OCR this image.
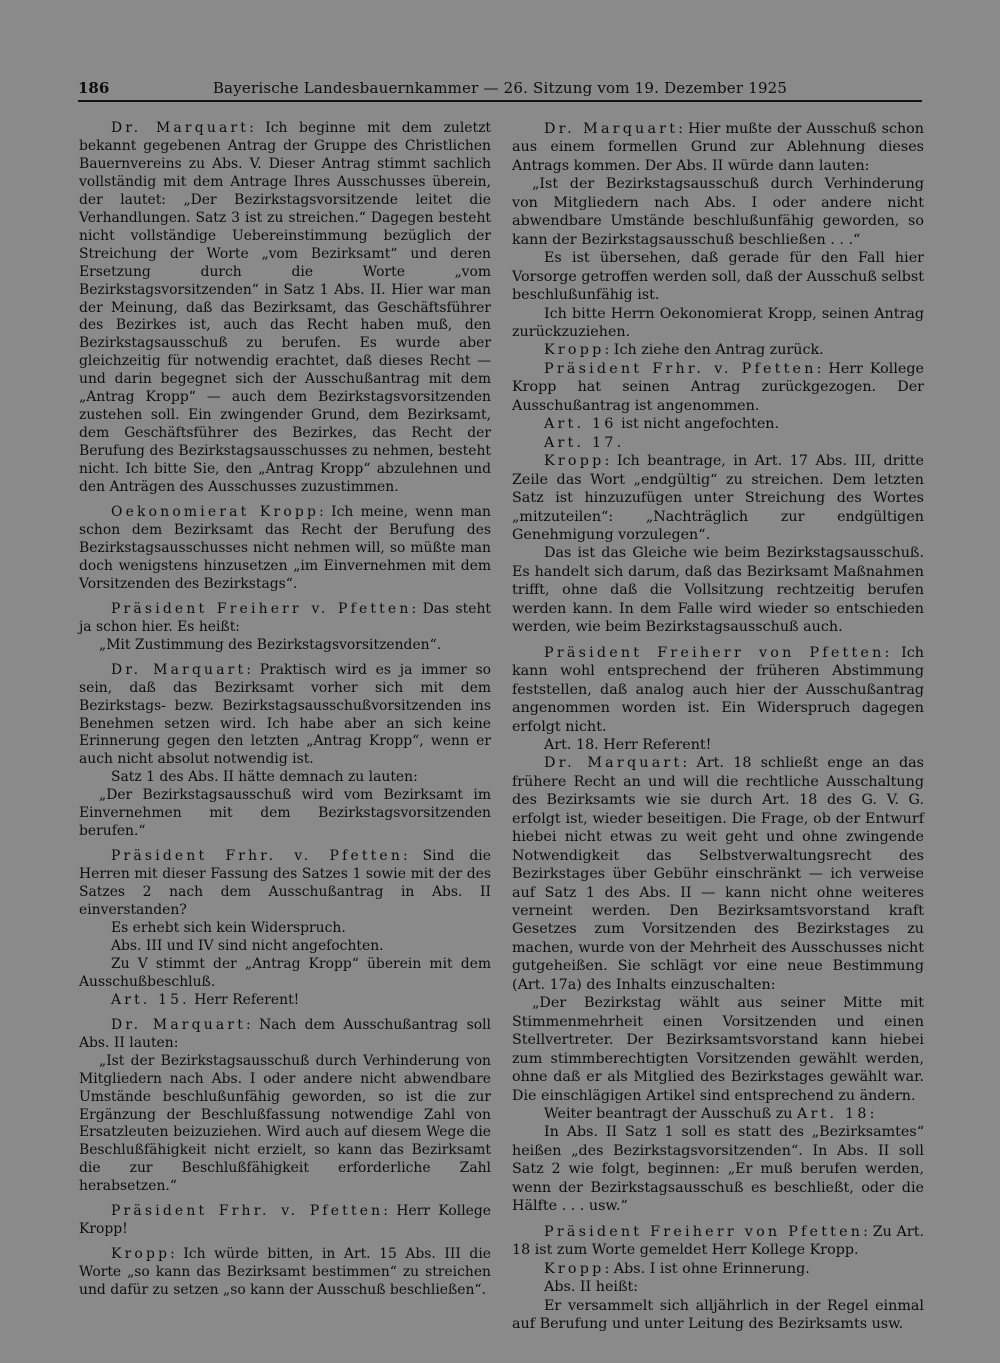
186	Bayerische Landesbauernkammer — 26. Sitzung vom 19. Dezember 1925

Dr. Marquart: Ich beginne mit dem zuletzt bekannt gegebenen Antrag der Gruppe des Christlichen Bauernvereins zu Abs. V. Dieser Antrag stimmt sachlich vollständig mit dem Antrage Ihres Ausschusses überein, der lautet: „Der Bezirkstagsvorsitzende leitet die Verhandlungen. Satz 3 ist zu streichen.“ Dagegen besteht nicht vollständige Uebereinstimmung bezüglich der Streichung der Worte „vom Bezirksamt“ und deren Ersetzung durch die Worte „vom Bezirkstagsvorsitzenden“ in Satz 1 Abs. II. Hier war man der Meinung, daß das Bezirksamt, das Geschäftsführer des Bezirkes ist, auch das Recht haben muß, den Bezirkstagsausschuß zu berufen. Es wurde aber gleichzeitig für notwendig erachtet, daß dieses Recht — und darin begegnet sich der Ausschußantrag mit dem „Antrag Kropp“ — auch dem Bezirkstagsvorsitzenden zustehen soll. Ein zwingender Grund, dem Bezirksamt, dem Geschäftsführer des Bezirkes, das Recht der Berufung des Bezirkstagsausschusses zu nehmen, besteht nicht. Ich bitte Sie, den „Antrag Kropp“ abzulehnen und den Anträgen des Ausschusses zuzustimmen.

Oekonomierat Kropp: Ich meine, wenn man schon dem Bezirksamt das Recht der Berufung des Bezirkstagsausschusses nicht nehmen will, so müßte man doch wenigstens hinzusetzen „im Einvernehmen mit dem Vorsitzenden des Bezirkstags“.

Präsident Freiherr v. Pfetten: Das steht ja schon hier. Es heißt:

„Mit Zustimmung des Bezirkstagsvorsitzenden“.

Dr. Marquart: Praktisch wird es ja immer so sein, daß das Bezirksamt vorher sich mit dem Bezirkstags- bezw. Bezirkstagsausschußvorsitzenden ins Benehmen setzen wird. Ich habe aber an sich keine Erinnerung gegen den letzten „Antrag Kropp“, wenn er auch nicht absolut notwendig ist.

Satz 1 des Abs. II hätte demnach zu lauten:

„Der Bezirkstagsausschuß wird vom Bezirksamt im Einvernehmen mit dem Bezirkstagsvorsitzenden berufen.“

Präsident Frhr. v. Pfetten: Sind die Herren mit dieser Fassung des Satzes 1 sowie mit der des Satzes 2 nach dem Ausschußantrag in Abs. II einverstanden?

Es erhebt sich kein Widerspruch.

Abs. III und IV sind nicht angefochten.

Zu V stimmt der „Antrag Kropp“ überein mit dem Ausschußbeschluß.

Art. 15. Herr Referent!

Dr. Marquart: Nach dem Ausschußantrag soll Abs. II lauten:

„Ist der Bezirkstagsausschuß durch Verhinderung von Mitgliedern nach Abs. I oder andere nicht abwendbare Umstände beschlußunfähig geworden, so ist die zur Ergänzung der Beschlußfassung notwendige Zahl von Ersatzleuten beizuziehen. Wird auch auf diesem Wege die Beschlußfähigkeit nicht erzielt, so kann das Bezirksamt die zur Beschlußfähigkeit erforderliche Zahl herabsetzen.“

Präsident Frhr. v. Pfetten: Herr Kollege Kropp!

Kropp: Ich würde bitten, in Art. 15 Abs. III die Worte „so kann das Bezirksamt bestimmen“ zu streichen und dafür zu setzen „so kann der Ausschuß beschließen“.

Dr. Marquart: Hier mußte der Ausschuß schon aus einem formellen Grund zur Ablehnung dieses Antrags kommen. Der Abs. II würde dann lauten:

„Ist der Bezirkstagsausschuß durch Verhinderung von Mitgliedern nach Abs. I oder andere nicht abwendbare Umstände beschlußunfähig geworden, so kann der Bezirkstagsausschuß beschließen . . .“

Es ist übersehen, daß gerade für den Fall hier Vorsorge getroffen werden soll, daß der Ausschuß selbst beschlußunfähig ist.

Ich bitte Herrn Oekonomierat Kropp, seinen Antrag zurückzuziehen.

Kropp: Ich ziehe den Antrag zurück.

Präsident Frhr. v. Pfetten: Herr Kollege Kropp hat seinen Antrag zurückgezogen. Der Ausschußantrag ist angenommen.

Art. 16 ist nicht angefochten.

Art. 17.

Kropp: Ich beantrage, in Art. 17 Abs. III, dritte Zeile das Wort „endgültig“ zu streichen. Dem letzten Satz ist hinzuzufügen unter Streichung des Wortes „mitzuteilen“: „Nachträglich zur endgültigen Genehmigung vorzulegen“.

Das ist das Gleiche wie beim Bezirkstagsausschuß. Es handelt sich darum, daß das Bezirksamt Maßnahmen trifft, ohne daß die Vollsitzung rechtzeitig berufen werden kann. In dem Falle wird wieder so entschieden werden, wie beim Bezirkstagsausschuß auch.

Präsident Freiherr von Pfetten: Ich kann wohl entsprechend der früheren Abstimmung feststellen, daß analog auch hier der Ausschußantrag angenommen worden ist. Ein Widerspruch dagegen erfolgt nicht.

Art. 18. Herr Referent!

Dr. Marquart: Art. 18 schließt enge an das frühere Recht an und will die rechtliche Ausschaltung des Bezirksamts wie sie durch Art. 18 des G. V. G. erfolgt ist, wieder beseitigen. Die Frage, ob der Entwurf hiebei nicht etwas zu weit geht und ohne zwingende Notwendigkeit das Selbstverwaltungsrecht des Bezirkstages über Gebühr einschränkt — ich verweise auf Satz 1 des Abs. II — kann nicht ohne weiteres verneint werden. Den Bezirksamtsvorstand kraft Gesetzes zum Vorsitzenden des Bezirkstages zu machen, wurde von der Mehrheit des Ausschusses nicht gutgeheißen. Sie schlägt vor eine neue Bestimmung (Art. 17a) des Inhalts einzuschalten:

„Der Bezirkstag wählt aus seiner Mitte mit Stimmenmehrheit einen Vorsitzenden und einen Stellvertreter. Der Bezirksamtsvorstand kann hiebei zum stimmberechtigten Vorsitzenden gewählt werden, ohne daß er als Mitglied des Bezirkstages gewählt war. Die einschlägigen Artikel sind entsprechend zu ändern.

Weiter beantragt der Ausschuß zu Art. 18:

In Abs. II Satz 1 soll es statt des „Bezirksamtes“ heißen „des Bezirkstagsvorsitzenden“. In Abs. II soll Satz 2 wie folgt, beginnen: „Er muß berufen werden, wenn der Bezirkstagsausschuß es beschließt, oder die Hälfte . . . usw.“

Präsident Freiherr von Pfetten: Zu Art. 18 ist zum Worte gemeldet Herr Kollege Kropp.

Kropp: Abs. I ist ohne Erinnerung.

Abs. II heißt:

Er versammelt sich alljährlich in der Regel einmal auf Berufung und unter Leitung des Bezirksamts usw.
